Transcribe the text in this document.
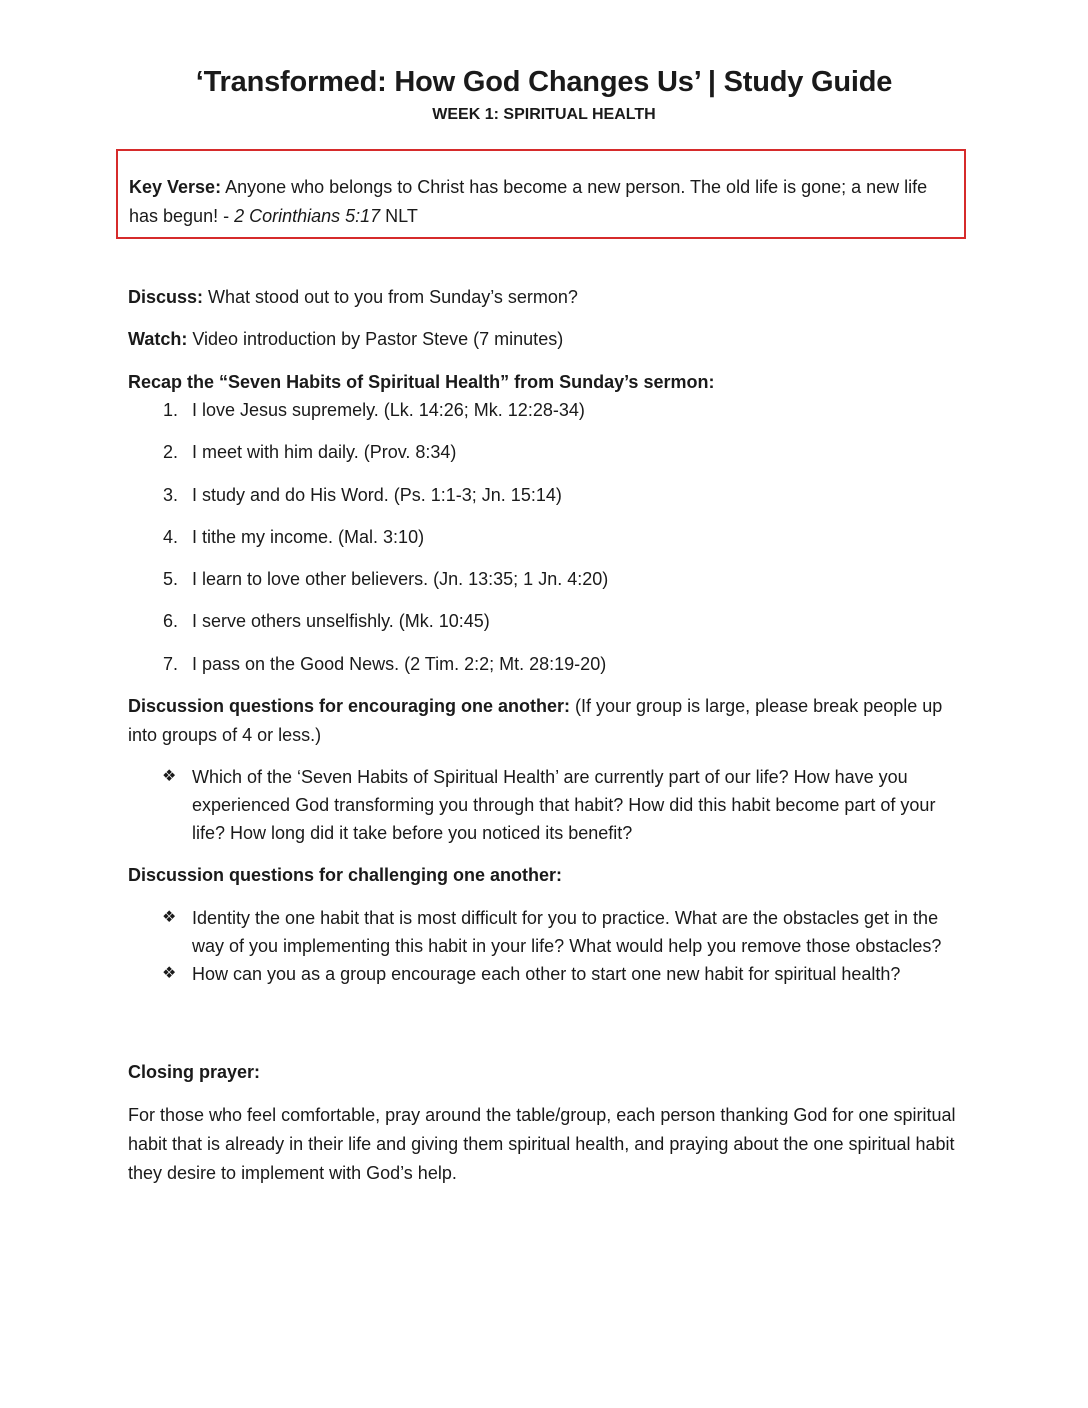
‘Transformed: How God Changes Us’ | Study Guide
WEEK 1: SPIRITUAL HEALTH
Key Verse: Anyone who belongs to Christ has become a new person. The old life is gone; a new life has begun! - 2 Corinthians 5:17 NLT
Discuss: What stood out to you from Sunday’s sermon?
Watch: Video introduction by Pastor Steve (7 minutes)
Recap the “Seven Habits of Spiritual Health” from Sunday’s sermon:
1. I love Jesus supremely. (Lk. 14:26; Mk. 12:28-34)
2. I meet with him daily. (Prov. 8:34)
3. I study and do His Word. (Ps. 1:1-3; Jn. 15:14)
4. I tithe my income. (Mal. 3:10)
5. I learn to love other believers. (Jn. 13:35; 1 Jn. 4:20)
6. I serve others unselfishly. (Mk. 10:45)
7. I pass on the Good News. (2 Tim. 2:2; Mt. 28:19-20)
Discussion questions for encouraging one another: (If your group is large, please break people up into groups of 4 or less.)
❖ Which of the ‘Seven Habits of Spiritual Health’ are currently part of our life? How have you experienced God transforming you through that habit? How did this habit become part of your life? How long did it take before you noticed its benefit?
Discussion questions for challenging one another:
❖ Identity the one habit that is most difficult for you to practice. What are the obstacles get in the way of you implementing this habit in your life? What would help you remove those obstacles?
❖ How can you as a group encourage each other to start one new habit for spiritual health?
Closing prayer:
For those who feel comfortable, pray around the table/group, each person thanking God for one spiritual habit that is already in their life and giving them spiritual health, and praying about the one spiritual habit they desire to implement with God’s help.
